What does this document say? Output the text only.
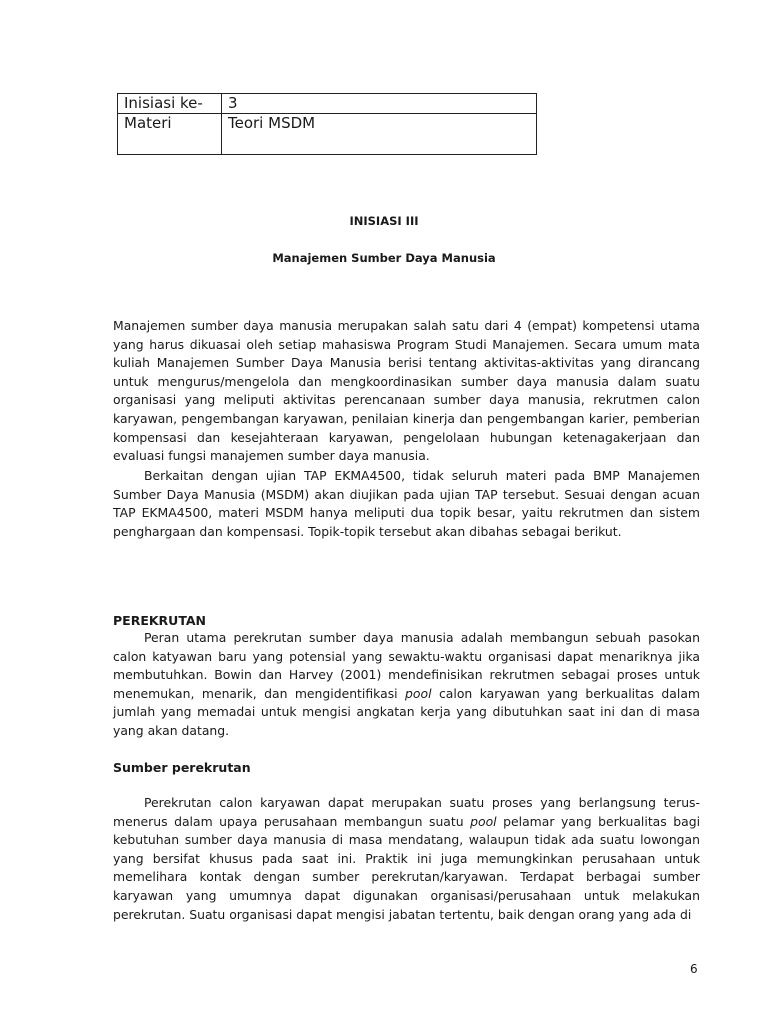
Inisiasi ke-	3
Materi	Teori MSDM
INISIASI III
Manajemen Sumber Daya Manusia

Manajemen sumber daya manusia merupakan salah satu dari 4 (empat) kompetensi utama yang harus dikuasai oleh setiap mahasiswa Program Studi Manajemen. Secara umum mata kuliah Manajemen Sumber Daya Manusia berisi tentang aktivitas-aktivitas yang dirancang untuk mengurus/mengelola dan mengkoordinasikan sumber daya manusia dalam suatu organisasi yang meliputi aktivitas perencanaan sumber daya manusia, rekrutmen calon karyawan, pengembangan karyawan, penilaian kinerja dan pengembangan karier, pemberian kompensasi dan kesejahteraan karyawan, pengelolaan hubungan ketenagakerjaan dan evaluasi fungsi manajemen sumber daya manusia.

Berkaitan dengan ujian TAP EKMA4500, tidak seluruh materi pada BMP Manajemen Sumber Daya Manusia (MSDM) akan diujikan pada ujian TAP tersebut. Sesuai dengan acuan TAP EKMA4500, materi MSDM hanya meliputi dua topik besar, yaitu rekrutmen dan sistem penghargaan dan kompensasi. Topik-topik tersebut akan dibahas sebagai berikut.

PEREKRUTAN

Peran utama perekrutan sumber daya manusia adalah membangun sebuah pasokan calon katyawan baru yang potensial yang sewaktu-waktu organisasi dapat menariknya jika membutuhkan. Bowin dan Harvey (2001) mendefinisikan rekrutmen sebagai proses untuk menemukan, menarik, dan mengidentifikasi pool calon karyawan yang berkualitas dalam jumlah yang memadai untuk mengisi angkatan kerja yang dibutuhkan saat ini dan di masa yang akan datang.

Sumber perekrutan

Perekrutan calon karyawan dapat merupakan suatu proses yang berlangsung terus-menerus dalam upaya perusahaan membangun suatu pool pelamar yang berkualitas bagi kebutuhan sumber daya manusia di masa mendatang, walaupun tidak ada suatu lowongan yang bersifat khusus pada saat ini. Praktik ini juga memungkinkan perusahaan untuk memelihara kontak dengan sumber perekrutan/karyawan. Terdapat berbagai sumber karyawan yang umumnya dapat digunakan organisasi/perusahaan untuk melakukan perekrutan. Suatu organisasi dapat mengisi jabatan tertentu, baik dengan orang yang ada di

6
